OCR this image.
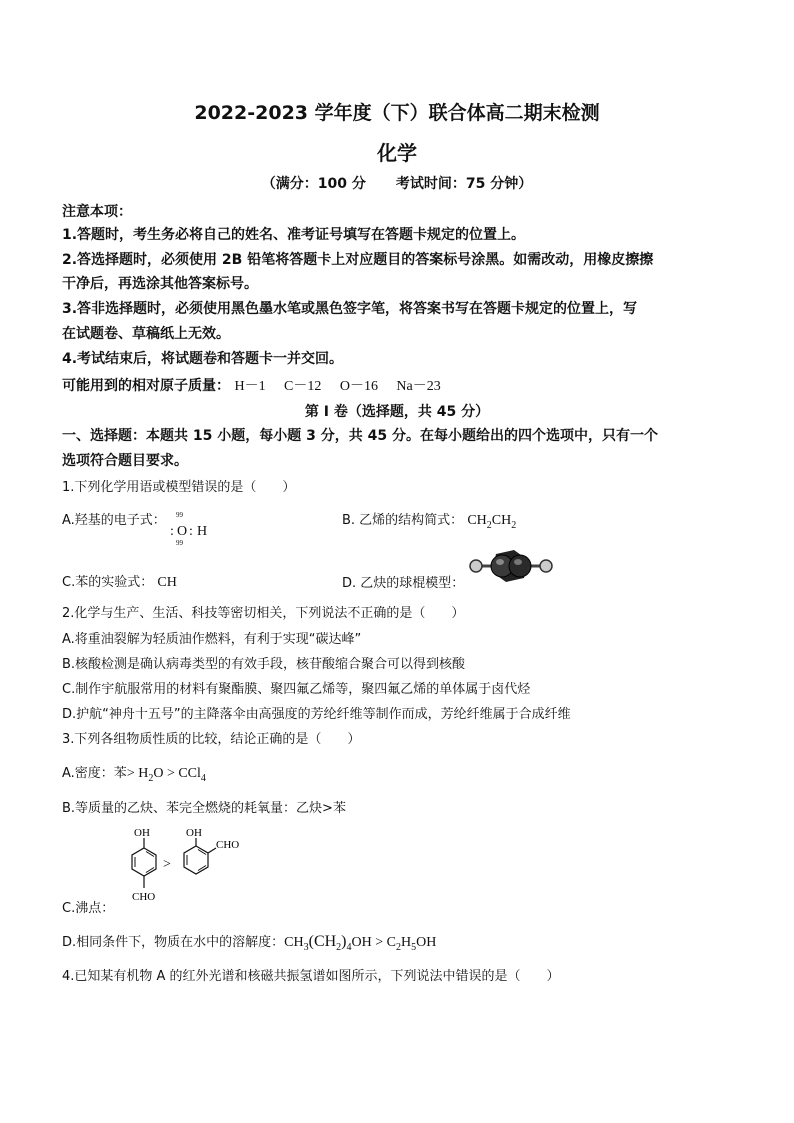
2022-2023 学年度（下）联合体高二期末检测
化学
（满分：100 分 考试时间：75 分钟）
注意本项：
1.答题时，考生务必将自己的姓名、准考证号填写在答题卡规定的位置上。
2.答选择题时，必须使用 2B 铅笔将答题卡上对应题目的答案标号涂黑。如需改动，用橡皮擦擦
干净后，再选涂其他答案标号。
3.答非选择题时，必须使用黑色墨水笔或黑色签字笔，将答案书写在答题卡规定的位置上，写
在试题卷、草稿纸上无效。
4.考试结束后，将试题卷和答题卡一并交回。
可能用到的相对原子质量： H－1 C－12 O－16 Na－23
第 I 卷（选择题，共 45 分）
一、选择题：本题共 15 小题，每小题 3 分，共 45 分。在每小题给出的四个选项中，只有一个
选项符合题目要求。
1.下列化学用语或模型错误的是（　　）
A.羟基的电子式：
:
99
O
99
: H
B. 乙烯的结构简式： $CH_2CH_2$
C.苯的实验式： CH	D. 乙炔的球棍模型：
2.化学与生产、生活、科技等密切相关，下列说法不正确的是（　　）
A.将重油裂解为轻质油作燃料，有利于实现“碳达峰”
B.核酸检测是确认病毒类型的有效手段，核苷酸缩合聚合可以得到核酸
C.制作宇航服常用的材料有聚酯膜、聚四氟乙烯等，聚四氟乙烯的单体属于卤代烃
D.护航“神舟十五号”的主降落伞由高强度的芳纶纤维等制作而成，芳纶纤维属于合成纤维
3.下列各组物质性质的比较，结论正确的是（　　）
A.密度：苯> $H_2O > CCl_4$
B.等质量的乙炔、苯完全燃烧的耗氧量：乙炔>苯
OH
CHO
>
OH
CHO
C.沸点：
D.相同条件下，物质在水中的溶解度：$CH_3(CH_2)_4OH > C_2H_5OH$
4.已知某有机物 A 的红外光谱和核磁共振氢谱如图所示，下列说法中错误的是（　　）
